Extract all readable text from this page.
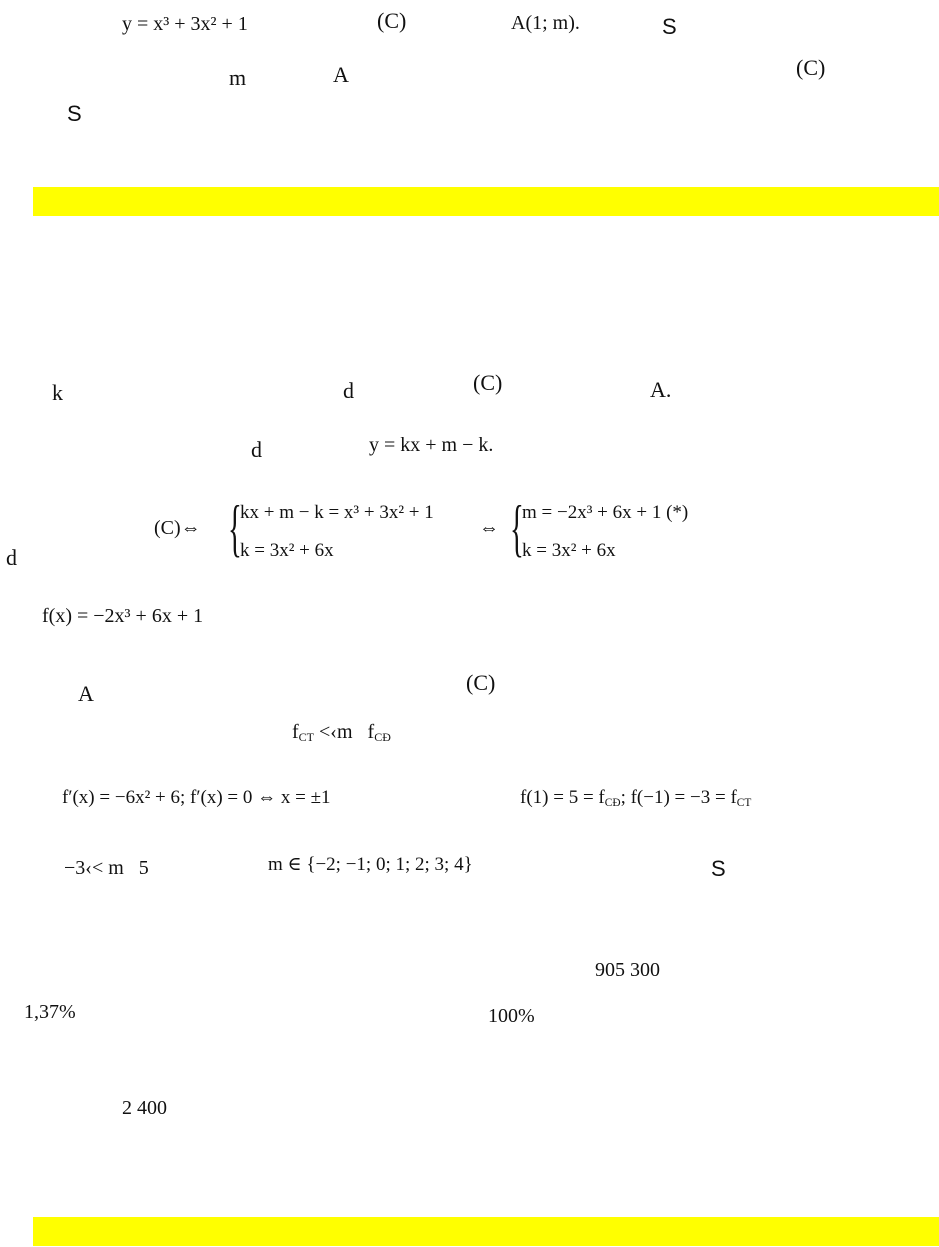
y = x³ + 3x² + 1	(C)	A(1; m).	S
m	A	(C)
S
k	d	(C)	A.
d	y = kx + m − k.
d
(C)⇔ {
kx + m − k = x³ + 3x² + 1
k = 3x² + 6x
⇔ {
m = −2x³ + 6x + 1 (*)
k = 3x² + 6x
f(x) = −2x³ + 6x + 1
A	(C)
$f_{CT}$ <‹m $f_{CĐ}$
f′(x) = −6x² + 6; f′(x) = 0 ⇔ x = ±1	$f(1) = 5 = f_{CĐ}$; $f(-1) = -3 = f_{CT}$
−3‹< m 5	m ∈ {−2; −1; 0; 1; 2; 3; 4}	S
905 300
1,37%	100%
2 400
